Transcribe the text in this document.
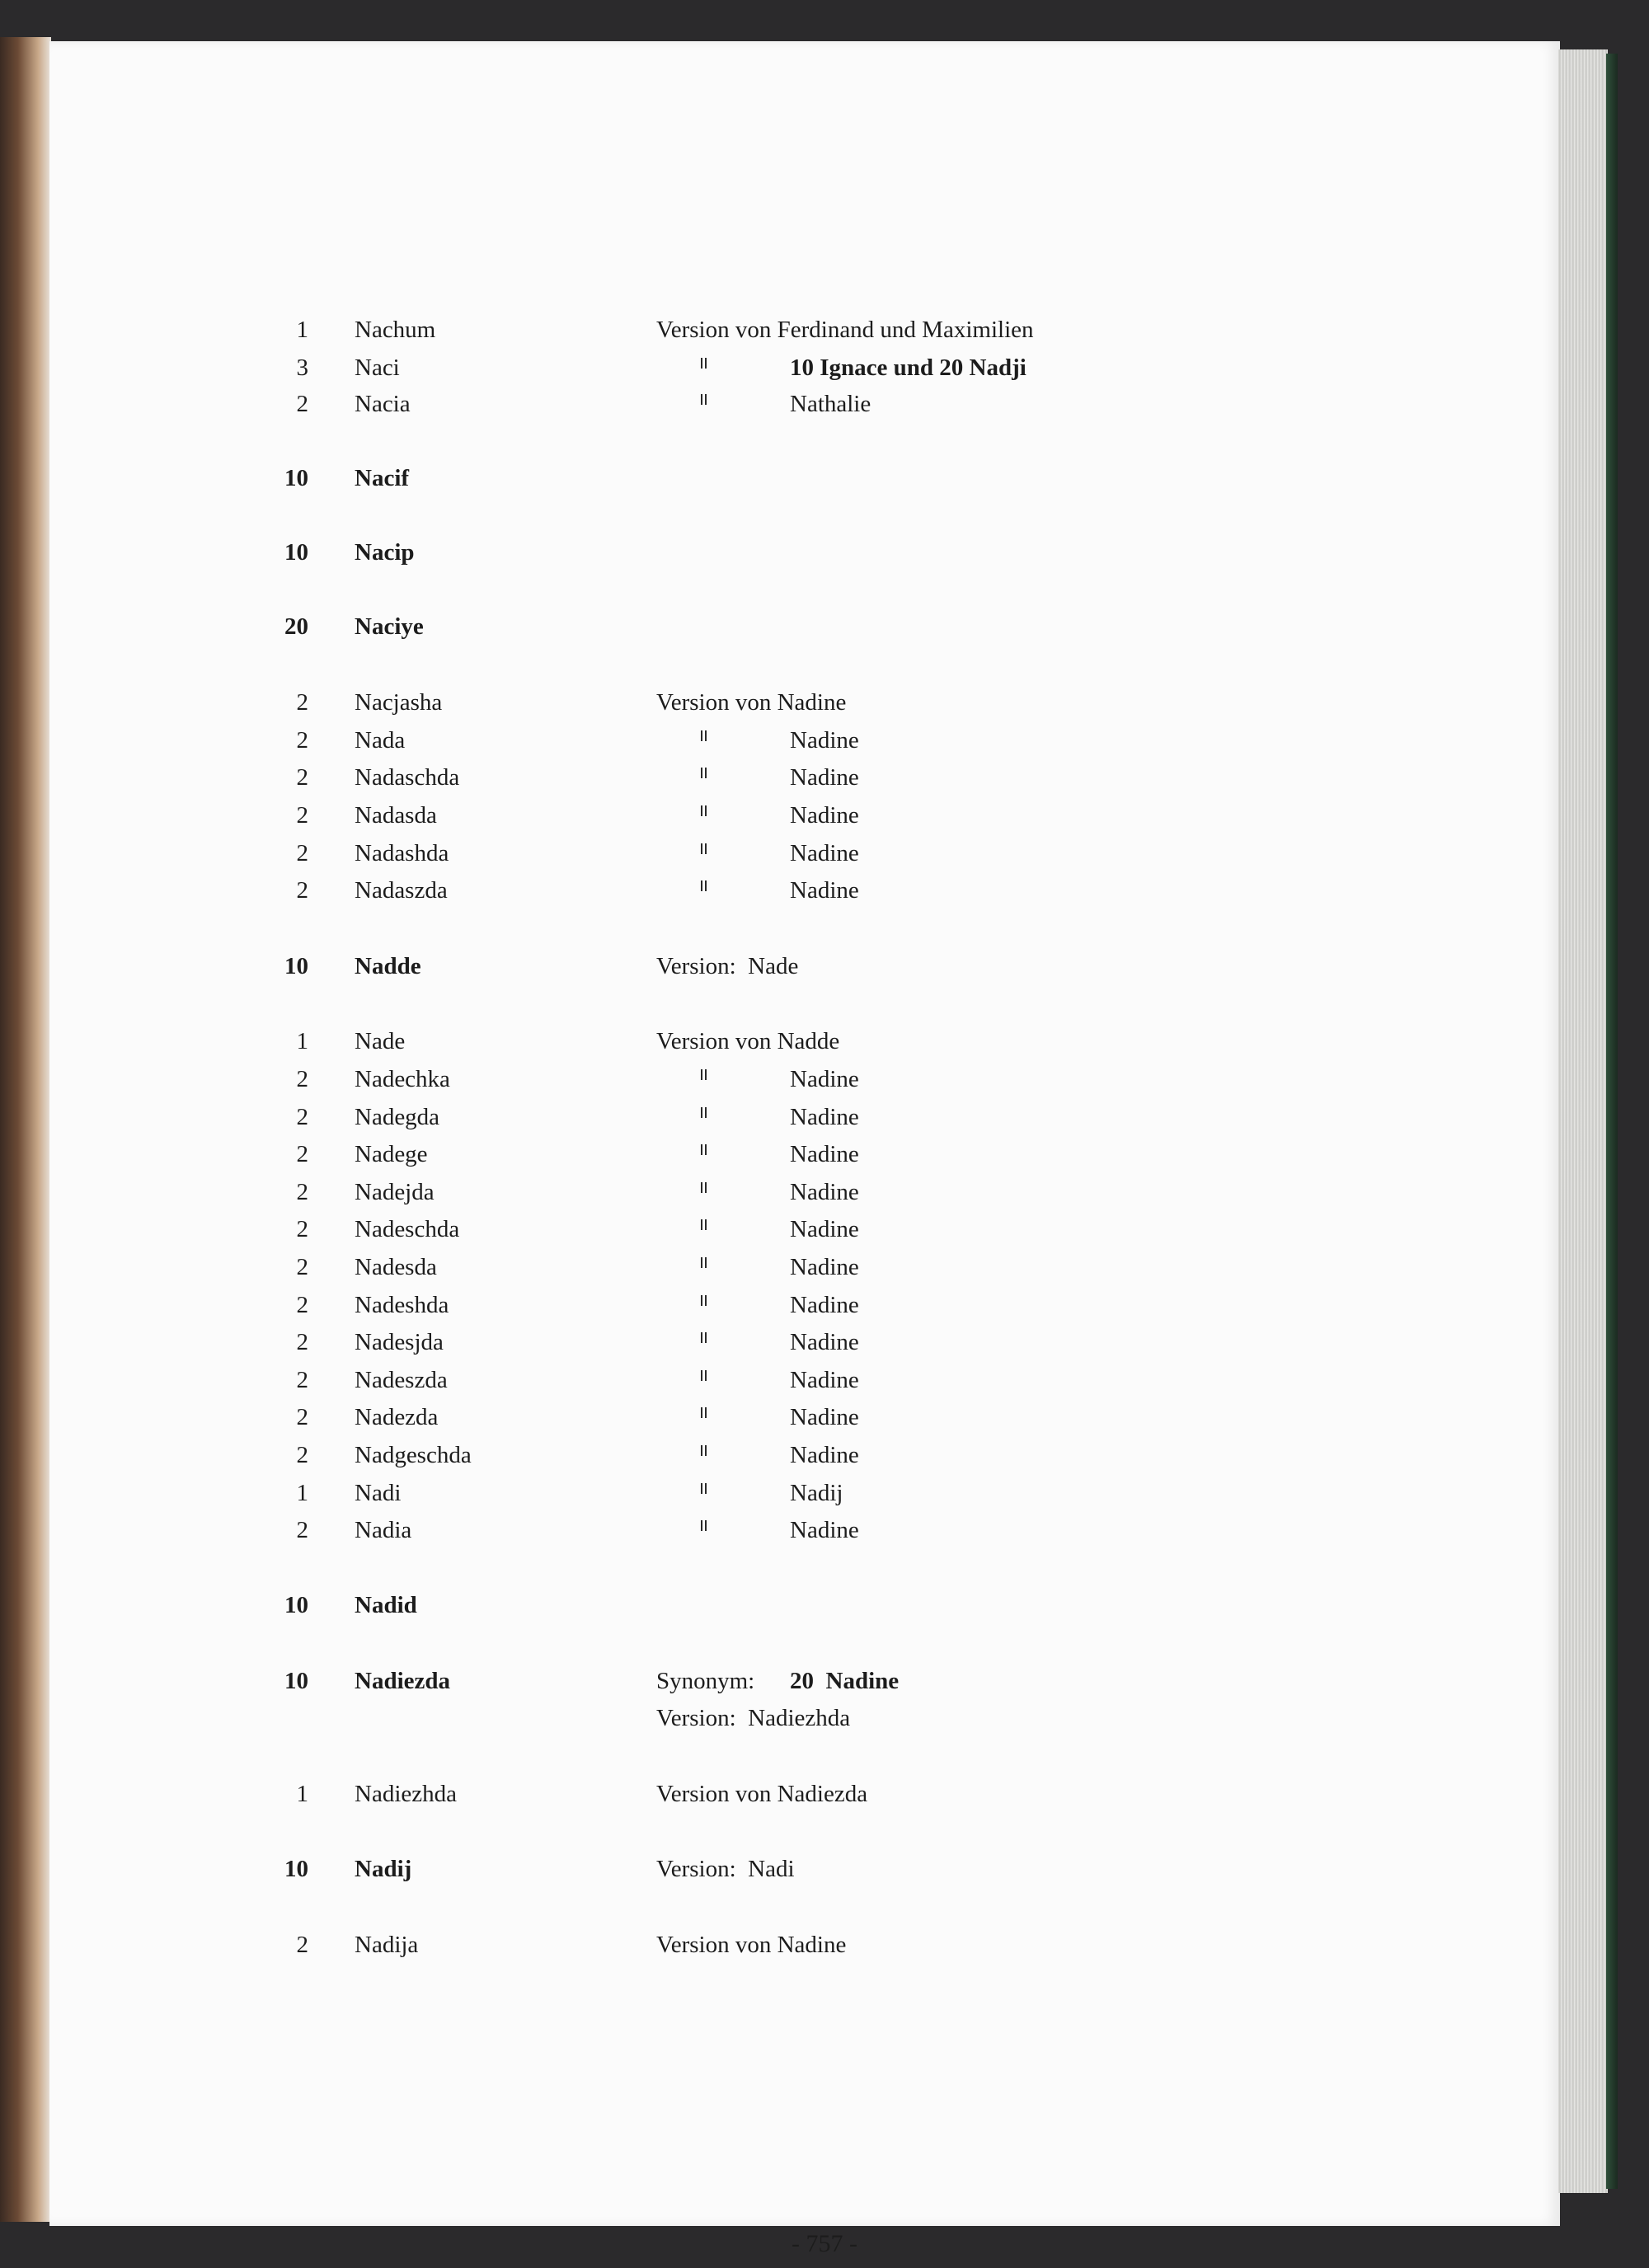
1 Nachum	Version von Ferdinand und Maximilien
3 Naci	10 Ignace und 20 Nadji
2 Nacia	Nathalie
10 Nacif
10 Nacip
20 Naciye
2 Nacjasha	Version von Nadine
2 Nada	Nadine
2 Nadaschda	Nadine
2 Nadasda	Nadine
2 Nadashda	Nadine
2 Nadaszda	Nadine
10 Nadde	Version:  Nade
1 Nade	Version von Nadde
2 Nadechka	Nadine
2 Nadegda	Nadine
2 Nadege	Nadine
2 Nadejda	Nadine
2 Nadeschda	Nadine
2 Nadesda	Nadine
2 Nadeshda	Nadine
2 Nadesjda	Nadine
2 Nadeszda	Nadine
2 Nadezda	Nadine
2 Nadgeschda	Nadine
1 Nadi	Nadij
2 Nadia	Nadine
10 Nadid
10 Nadiezda	Synonym: 20  Nadine
Version:  Nadiezhda
1 Nadiezhda	Version von Nadiezda
10 Nadij	Version:  Nadi
2 Nadija	Version von Nadine
- 757 -
